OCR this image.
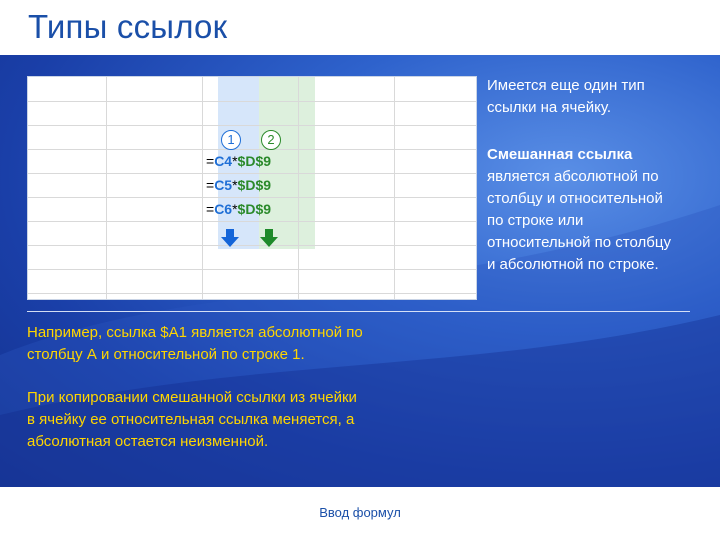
Типы ссылок
1	2
=C4*$D$9
=C5*$D$9
=C6*$D$9
Имеется еще один тип
ссылки на ячейку.
Смешанная ссылка
является абсолютной по
столбцу и относительной
по строке или
относительной по столбцу
и абсолютной по строке.
Например, ссылка $A1 является абсолютной по
столбцу А и относительной по строке 1.
При копировании смешанной ссылки из ячейки
в ячейку ее относительная ссылка меняется, а
абсолютная остается неизменной.
Ввод формул
